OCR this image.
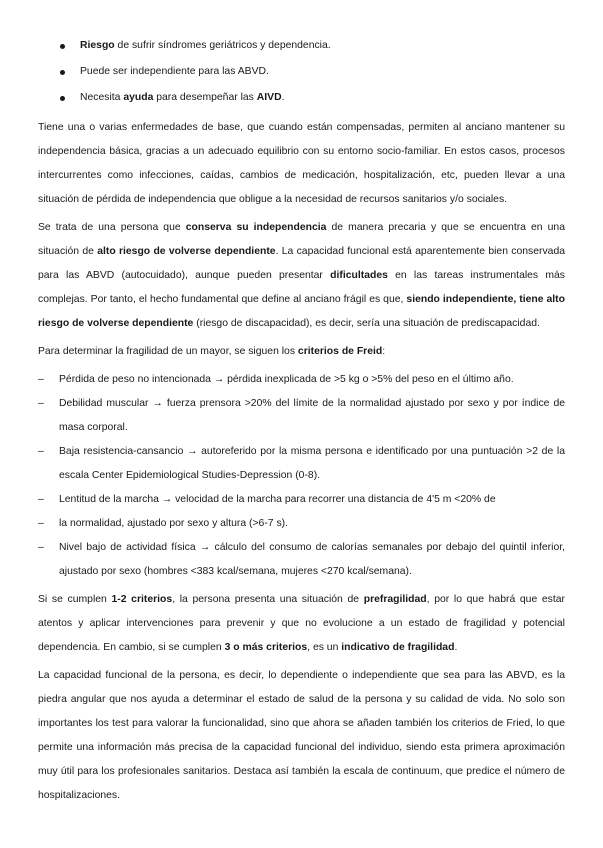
Riesgo de sufrir síndromes geriátricos y dependencia.
Puede ser independiente para las ABVD.
Necesita ayuda para desempeñar las AIVD.

Tiene una o varias enfermedades de base, que cuando están compensadas, permiten al anciano mantener su independencia básica, gracias a un adecuado equilibrio con su entorno socio-familiar. En estos casos, procesos intercurrentes como infecciones, caídas, cambios de medicación, hospitalización, etc, pueden llevar a una situación de pérdida de independencia que obligue a la necesidad de recursos sanitarios y/o sociales.

Se trata de una persona que conserva su independencia de manera precaria y que se encuentra en una situación de alto riesgo de volverse dependiente. La capacidad funcional está aparentemente bien conservada para las ABVD (autocuidado), aunque pueden presentar dificultades en las tareas instrumentales más complejas. Por tanto, el hecho fundamental que define al anciano frágil es que, siendo independiente, tiene alto riesgo de volverse dependiente (riesgo de discapacidad), es decir, sería una situación de prediscapacidad.

Para determinar la fragilidad de un mayor, se siguen los criterios de Freid:

– Pérdida de peso no intencionada → pérdida inexplicada de >5 kg o >5% del peso en el último año.
– Debilidad muscular → fuerza prensora >20% del límite de la normalidad ajustado por sexo y por índice de masa corporal.
– Baja resistencia-cansancio → autoreferido por la misma persona e identificado por una puntuación >2 de la escala Center Epidemiological Studies-Depression (0-8).
– Lentitud de la marcha → velocidad de la marcha para recorrer una distancia de 4'5 m <20% de
– la normalidad, ajustado por sexo y altura (>6-7 s).
– Nivel bajo de actividad física → cálculo del consumo de calorías semanales por debajo del quintil inferior, ajustado por sexo (hombres <383 kcal/semana, mujeres <270 kcal/semana).

Si se cumplen 1-2 criterios, la persona presenta una situación de prefragilidad, por lo que habrá que estar atentos y aplicar intervenciones para prevenir y que no evolucione a un estado de fragilidad y potencial dependencia. En cambio, si se cumplen 3 o más criterios, es un indicativo de fragilidad.

La capacidad funcional de la persona, es decir, lo dependiente o independiente que sea para las ABVD, es la piedra angular que nos ayuda a determinar el estado de salud de la persona y su calidad de vida. No solo son importantes los test para valorar la funcionalidad, sino que ahora se añaden también los criterios de Fried, lo que permite una información más precisa de la capacidad funcional del individuo, siendo esta primera aproximación muy útil para los profesionales sanitarios. Destaca así también la escala de continuum, que predice el número de hospitalizaciones.
